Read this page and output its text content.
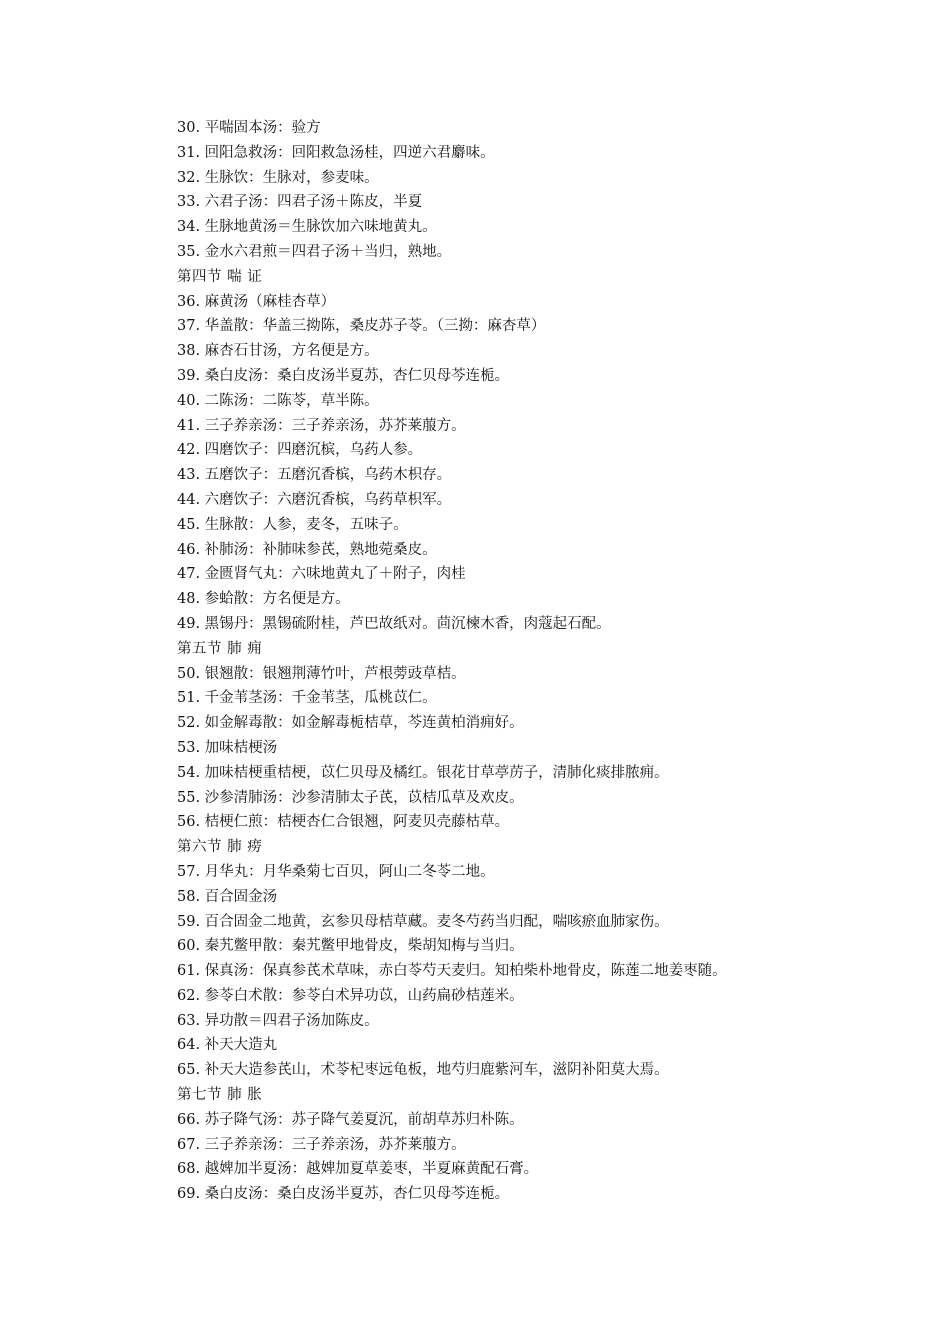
30. 平喘固本汤：验方
31. 回阳急救汤：回阳救急汤桂，四逆六君麝味。
32. 生脉饮：生脉对，参麦味。
33. 六君子汤：四君子汤＋陈皮，半夏
34. 生脉地黄汤＝生脉饮加六味地黄丸。
35. 金水六君煎＝四君子汤＋当归，熟地。
第四节 喘 证
36. 麻黄汤（麻桂杏草）
37. 华盖散：华盖三拗陈，桑皮苏子苓。（三拗：麻杏草）
38. 麻杏石甘汤，方名便是方。
39. 桑白皮汤：桑白皮汤半夏苏，杏仁贝母芩连栀。
40. 二陈汤：二陈苓，草半陈。
41. 三子养亲汤：三子养亲汤，苏芥莱菔方。
42. 四磨饮子：四磨沉槟，乌药人参。
43. 五磨饮子：五磨沉香槟，乌药木枳存。
44. 六磨饮子：六磨沉香槟，乌药草枳军。
45. 生脉散：人参，麦冬，五味子。
46. 补肺汤：补肺味参芪，熟地菀桑皮。
47. 金匮肾气丸：六味地黄丸了＋附子，肉桂
48. 参蛤散：方名便是方。
49. 黑锡丹：黑锡硫附桂，芦巴故纸对。茴沉楝木香，肉蔻起石配。
第五节 肺 痈
50. 银翘散：银翘荆薄竹叶，芦根蒡豉草桔。
51. 千金苇茎汤：千金苇茎，瓜桃苡仁。
52. 如金解毒散：如金解毒栀桔草，芩连黄柏消痈好。
53. 加味桔梗汤
54. 加味桔梗重桔梗，苡仁贝母及橘红。银花甘草葶苈子，清肺化痰排脓痈。
55. 沙参清肺汤：沙参清肺太子芪，苡桔瓜草及欢皮。
56. 桔梗仁煎：桔梗杏仁合银翘，阿麦贝壳藤枯草。
第六节 肺 痨
57. 月华丸：月华桑菊七百贝，阿山二冬苓二地。
58. 百合固金汤
59. 百合固金二地黄，玄参贝母桔草藏。麦冬芍药当归配，喘咳瘀血肺家伤。
60. 秦艽鳖甲散：秦艽鳖甲地骨皮，柴胡知梅与当归。
61. 保真汤：保真参芪术草味，赤白苓芍天麦归。知柏柴朴地骨皮，陈莲二地姜枣随。
62. 参苓白术散：参苓白术异功苡，山药扁砂桔莲米。
63. 异功散＝四君子汤加陈皮。
64. 补天大造丸
65. 补天大造参芪山，术苓杞枣远龟板，地芍归鹿紫河车，滋阴补阳莫大焉。
第七节 肺 胀
66. 苏子降气汤：苏子降气姜夏沉，前胡草苏归朴陈。
67. 三子养亲汤：三子养亲汤，苏芥莱菔方。
68. 越婢加半夏汤：越婢加夏草姜枣，半夏麻黄配石膏。
69. 桑白皮汤：桑白皮汤半夏苏，杏仁贝母芩连栀。
